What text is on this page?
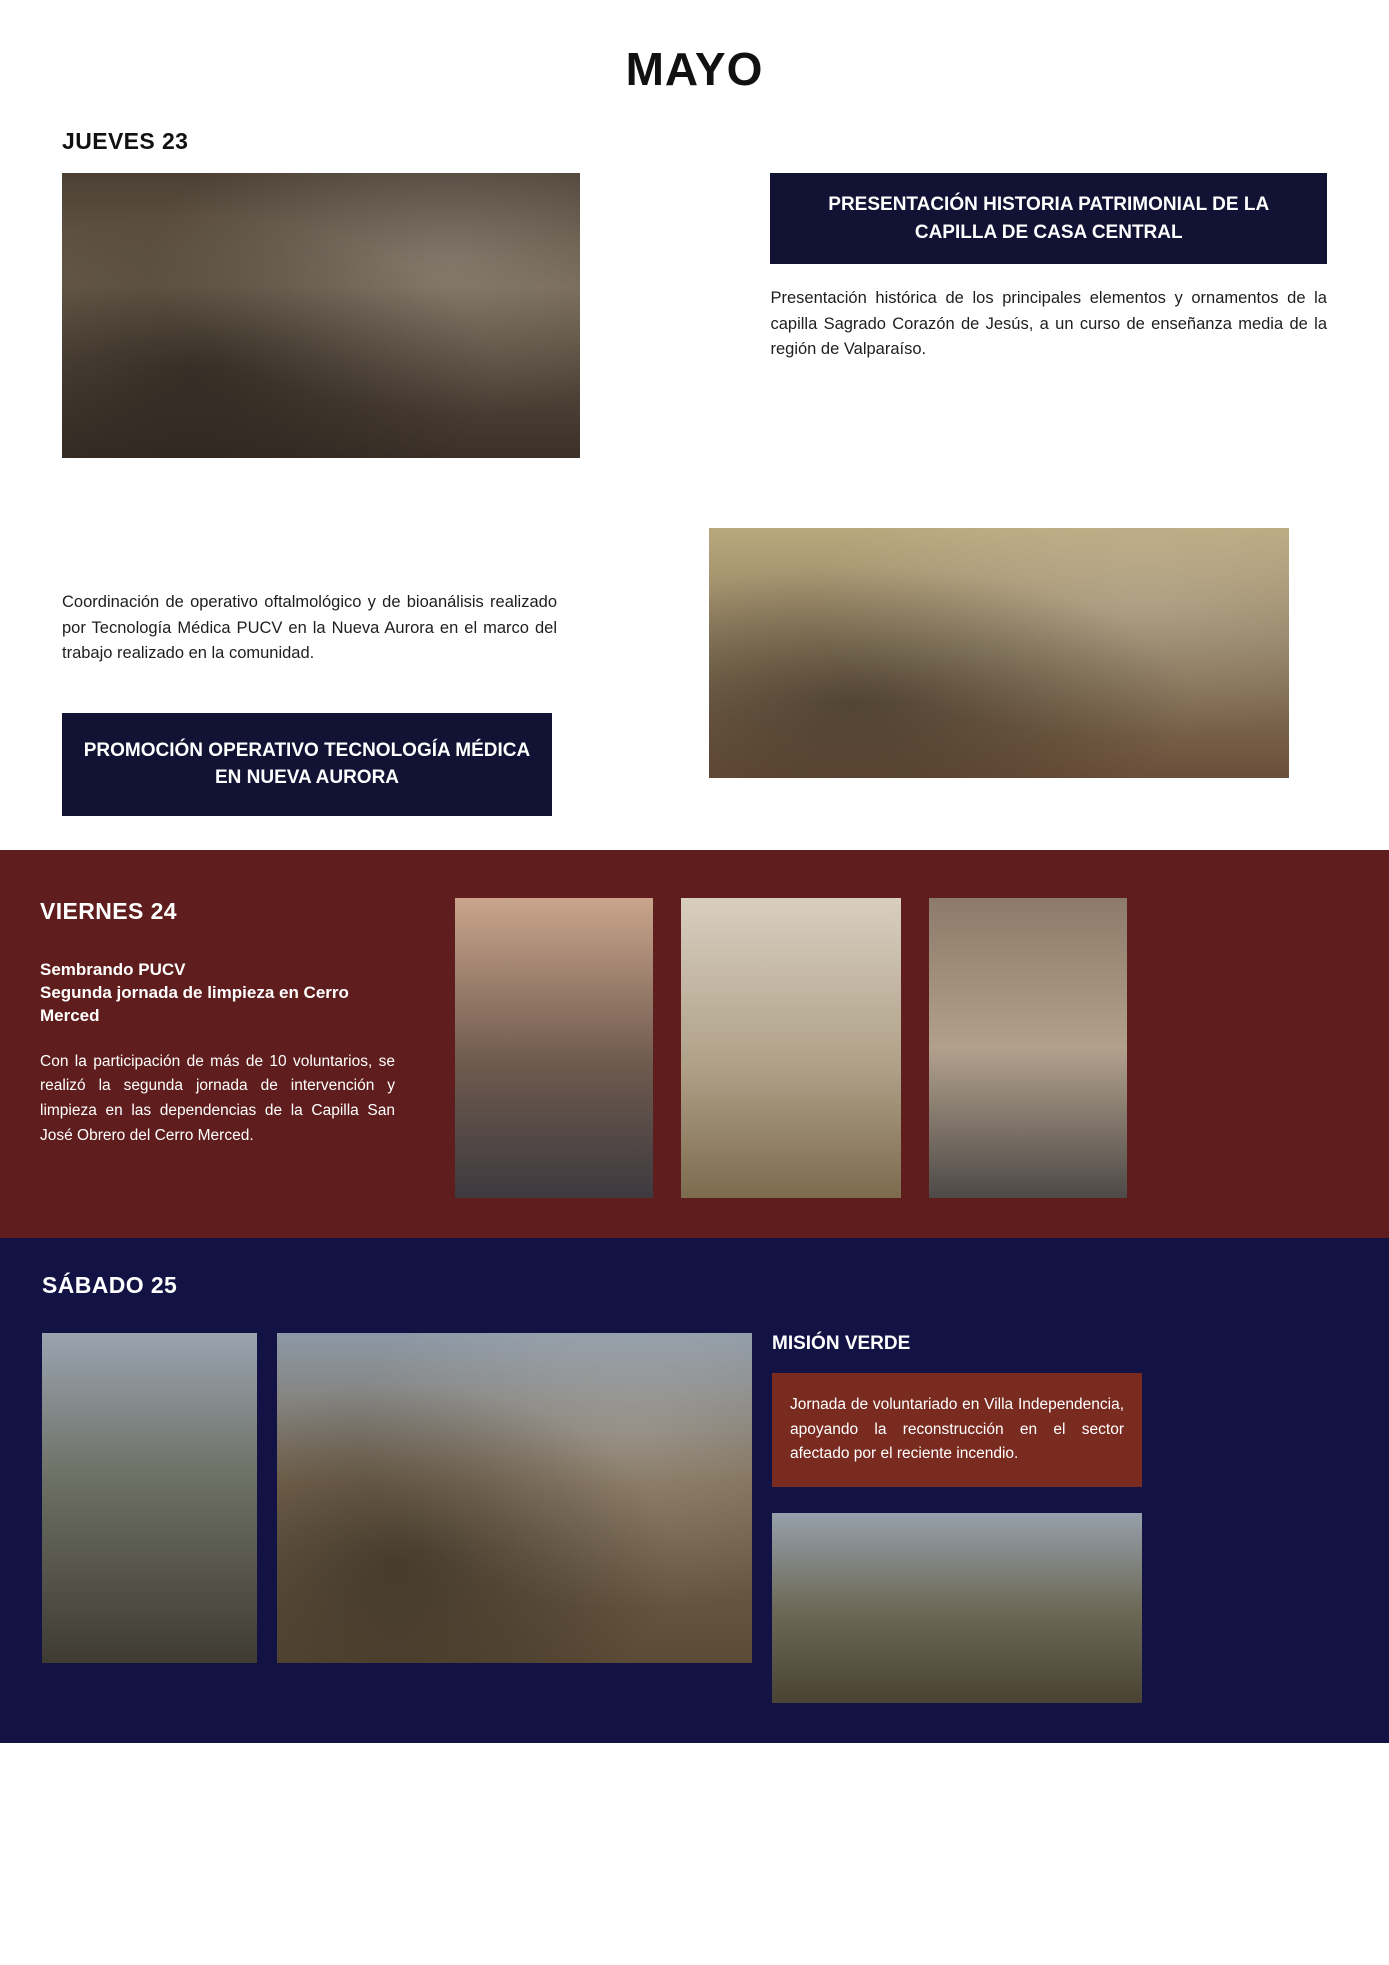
MAYO
JUEVES 23
PRESENTACIÓN HISTORIA PATRIMONIAL DE LA CAPILLA DE CASA CENTRAL
Presentación histórica de los principales elementos y ornamentos de la capilla Sagrado Corazón de Jesús, a un curso de enseñanza media de la región de Valparaíso.
Coordinación de operativo oftalmológico y de bioanálisis realizado por Tecnología Médica PUCV en la Nueva Aurora en el marco del trabajo realizado en la comunidad.
PROMOCIÓN OPERATIVO TECNOLOGÍA MÉDICA EN NUEVA AURORA
VIERNES 24
Sembrando PUCV
Segunda jornada de limpieza en Cerro Merced
Con la participación de más de 10 voluntarios, se realizó la segunda jornada de intervención y limpieza en las dependencias de la Capilla San José Obrero del Cerro Merced.
SÁBADO 25
MISIÓN VERDE
Jornada de voluntariado en Villa Independencia, apoyando la reconstrucción en el sector afectado por el reciente incendio.
